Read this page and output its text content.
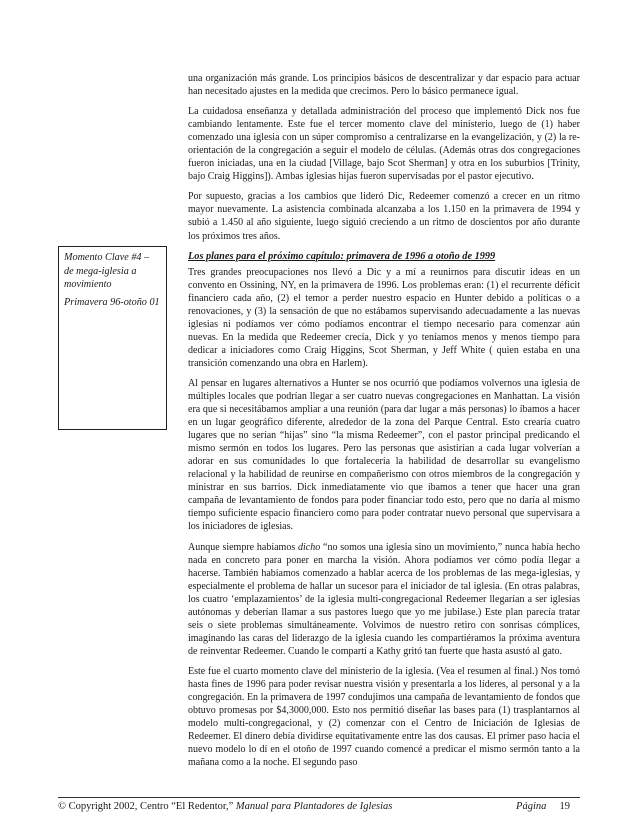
una organización más grande. Los principios básicos de descentralizar y dar espacio para actuar han necesitado ajustes en la medida que crecimos. Pero lo básico permanece igual.

La cuidadosa enseñanza y detallada administración del proceso que implementó Dick nos fue cambiando lentamente. Este fue el tercer momento clave del ministerio, luego de (1) haber comenzado una iglesia con un súper compromiso a centralizarse en la evangelización, y (2) la re-orientación de la congregación a seguir el modelo de células. (Además otras dos congregaciones fueron iniciadas, una en la ciudad [Village, bajo Scot Sherman] y otra en los suburbios [Trinity, bajo Craig Higgins]). Ambas iglesias hijas fueron supervisadas por el pastor ejecutivo.

Por supuesto, gracias a los cambios que lideró Dic, Redeemer comenzó a crecer en un ritmo mayor nuevamente. La asistencia combinada alcanzaba a los 1.150 en la primavera de 1994 y subió a 1.450 al año siguiente, luego siguió creciendo a un ritmo de doscientos por año durante los próximos tres años.

Los planes para el próximo capítulo: primavera de 1996 a otoño de 1999

Tres grandes preocupaciones nos llevó a Dic y a mí a reunirnos para discutir ideas en un convento en Ossining, NY, en la primavera de 1996. Los problemas eran: (1) el recurrente déficit financiero cada año, (2) el temor a perder nuestro espacio en Hunter debido a políticas o a renovaciones, y (3) la sensación de que no estábamos supervisando adecuadamente a las nuevas iglesias ni podíamos ver cómo podíamos encontrar el tiempo necesario para comenzar aún nuevas. En la medida que Redeemer crecía, Dick y yo teníamos menos y menos tiempo para dedicar a iniciadores como Craig Higgins, Scot Sherman, y Jeff White ( quien estaba en una transición comenzando una obra en Harlem).

Al pensar en lugares alternativos a Hunter se nos ocurrió que podíamos volvernos una iglesia de múltiples locales que podrían llegar a ser cuatro nuevas congregaciones en Manhattan. La visión era que si necesitábamos ampliar a una reunión (para dar lugar a más personas) lo íbamos a hacer en un lugar geográfico diferente, alrededor de la zona del Parque Central. Esto crearía cuatro lugares que no serían “hijas” sino “la misma Redeemer”, con el pastor principal predicando el mismo sermón en todos los lugares. Pero las personas que asistirían a cada lugar volverían a adorar en sus comunidades lo que fortalecería la habilidad de desarrollar su evangelismo relacional y la habilidad de reunirse en compañerismo con otros miembros de la congregación y ministrar en sus barrios. Dick inmediatamente vio que íbamos a tener que hacer una gran campaña de levantamiento de fondos para poder financiar todo esto, pero que no daría al mismo tiempo suficiente espacio financiero como para poder contratar nuevo personal que supervisara a los iniciadores de iglesias.

Aunque siempre habíamos dicho “no somos una iglesia sino un movimiento,” nunca había hecho nada en concreto para poner en marcha la visión. Ahora podíamos ver cómo podía llegar a hacerse. También habíamos comenzado a hablar acerca de los problemas de las mega-iglesias, y especialmente el problema de hallar un sucesor para el iniciador de tal iglesia. (En otras palabras, los cuatro ‘emplazamientos’ de la iglesia multi-congregacional Redeemer llegarían a ser iglesias autónomas y deberían llamar a sus pastores luego que yo me jubilase.) Este plan parecía tratar seis o siete problemas simultáneamente. Volvimos de nuestro retiro con sonrisas cómplices, imaginando las caras del liderazgo de la iglesia cuando les compartiéramos la próxima aventura de reinventar Redeemer. Cuando le compartí a Kathy gritó tan fuerte que hasta asustó al gato.

Este fue el cuarto momento clave del ministerio de la iglesia. (Vea el resumen al final.) Nos tomó hasta fines de 1996 para poder revisar nuestra visión y presentarla a los líderes, al personal y a la congregación. En la primavera de 1997 condujimos una campaña de levantamiento de fondos que obtuvo promesas por $4,3000,000. Esto nos permitió diseñar las bases para (1) trasplantarnos al modelo multi-congregacional, y (2) comenzar con el Centro de Iniciación de Iglesias de Redeemer. El dinero debía dividirse equitativamente entre las dos causas. El primer paso hacia el nuevo modelo lo dí en el otoño de 1997 cuando comencé a predicar el mismo sermón tanto a la mañana como a la noche. El segundo paso

Momento Clave #4 – de mega-iglesia a movimiento
Primavera 96-otoño 01
© Copyright 2002, Centro “El Redentor,” Manual para Plantadores de Iglesias	Página 19
